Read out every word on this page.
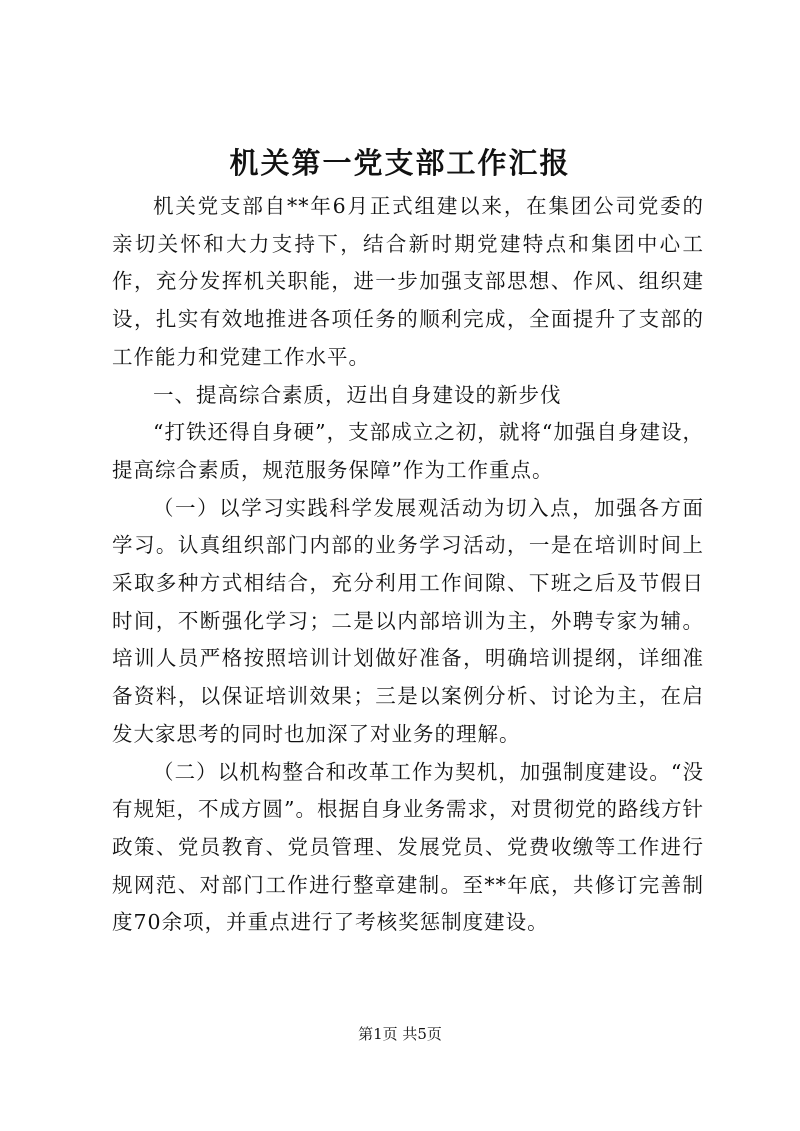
机关第一党支部工作汇报

机关党支部自**年6月正式组建以来，在集团公司党委的亲切关怀和大力支持下，结合新时期党建特点和集团中心工作，充分发挥机关职能，进一步加强支部思想、作风、组织建设，扎实有效地推进各项任务的顺利完成，全面提升了支部的工作能力和党建工作水平。

一、提高综合素质，迈出自身建设的新步伐

“打铁还得自身硬”，支部成立之初，就将“加强自身建设，提高综合素质，规范服务保障”作为工作重点。

（一）以学习实践科学发展观活动为切入点，加强各方面学习。认真组织部门内部的业务学习活动，一是在培训时间上采取多种方式相结合，充分利用工作间隙、下班之后及节假日时间，不断强化学习；二是以内部培训为主，外聘专家为辅。培训人员严格按照培训计划做好准备，明确培训提纲，详细准备资料，以保证培训效果；三是以案例分析、讨论为主，在启发大家思考的同时也加深了对业务的理解。

（二）以机构整合和改革工作为契机，加强制度建设。“没有规矩，不成方圆”。根据自身业务需求，对贯彻党的路线方针政策、党员教育、党员管理、发展党员、党费收缴等工作进行规网范、对部门工作进行整章建制。至**年底，共修订完善制度70余项，并重点进行了考核奖惩制度建设。

第1页 共5页
